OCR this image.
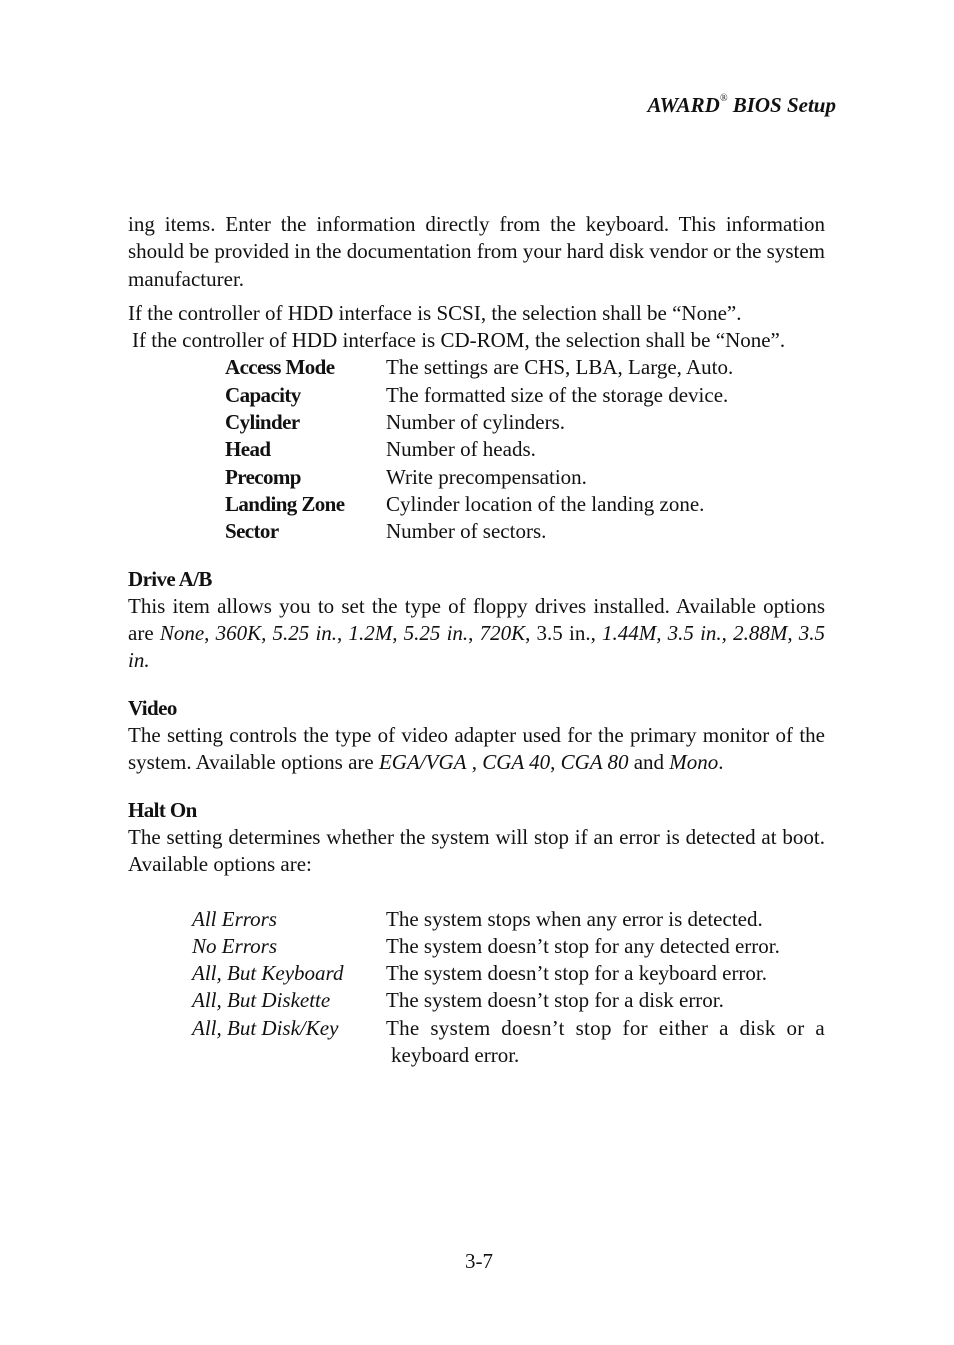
AWARD® BIOS Setup

ing items. Enter the information directly from the keyboard. This information should be provided in the documentation from your hard disk vendor or the system manufacturer.

If the controller of HDD interface is SCSI, the selection shall be “None”.

If the controller of HDD interface is CD-ROM, the selection shall be “None”.

Access Mode	The settings are CHS, LBA, Large, Auto.
Capacity	The formatted size of the storage device.
Cylinder	Number of cylinders.
Head	Number of heads.
Precomp	Write precompensation.
Landing Zone	Cylinder location of the landing zone.
Sector	Number of sectors.

Drive A/B

This item allows you to set the type of floppy drives installed. Available options are None, 360K, 5.25 in., 1.2M, 5.25 in., 720K, 3.5 in., 1.44M, 3.5 in., 2.88M, 3.5 in.

Video

The setting controls the type of video adapter used for the primary monitor of the system. Available options are EGA/VGA , CGA 40, CGA 80 and Mono.

Halt On

The setting determines whether the system will stop if an error is detected at boot. Available options are:

All Errors	The system stops when any error is detected.
No Errors	The system doesn’t stop for any detected error.
All, But Keyboard	The system doesn’t stop for a keyboard error.
All, But Diskette	The system doesn’t stop for a disk error.
All, But Disk/Key	The system doesn’t stop for either a disk or a
keyboard error.
3-7
